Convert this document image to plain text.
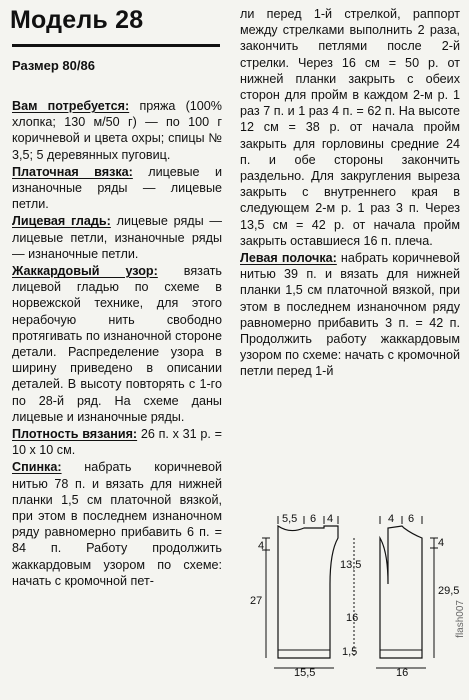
Модель 28
Размер 80/86

Вам потребуется: пряжа (100% хлопка; 130 м/50 г) — по 100 г коричневой и цвета охры; спицы № 3,5; 5 деревянных пуговиц.

Платочная вязка: лицевые и изнаночные ряды — лицевые петли.

Лицевая гладь: лицевые ряды — лицевые петли, изнаночные ряды — изнаночные петли.

Жаккардовый узор: вязать лицевой гладью по схеме в норвежской технике, для этого нерабочую нить свободно протягивать по изнаночной стороне детали. Распределение узора в ширину приведено в описании деталей. В высоту повторять с 1-го по 28-й ряд. На схеме даны лицевые и изнаночные ряды.

Плотность вязания: 26 п. x 31 р. = 10 x 10 см.

Спинка: набрать коричневой нитью 78 п. и вязать для нижней планки 1,5 см платочной вязкой, при этом в последнем изнаночном ряду равномерно прибавить 6 п. = 84 п. Работу продолжить жаккардовым узором по схеме: начать с кромочной пет-

ли перед 1-й стрелкой, раппорт между стрелками выполнить 2 раза, закончить петлями после 2-й стрелки. Через 16 см = 50 р. от нижней планки закрыть с обеих сторон для пройм в каждом 2-м р. 1 раз 7 п. и 1 раз 4 п. = 62 п. На высоте 12 см = 38 р. от начала пройм закрыть для горловины средние 24 п. и обе стороны закончить раздельно. Для закругления выреза закрыть с внутреннего края в следующем 2-м р. 1 раз 3 п. Через 13,5 см = 42 р. от начала пройм закрыть оставшиеся 16 п. плеча.

Левая полочка: набрать коричневой нитью 39 п. и вязать для нижней планки 1,5 см платочной вязкой, при этом в последнем изнаночном ряду равномерно прибавить 3 п. = 42 п. Продолжить работу жаккардовым узором по схеме: начать с кромочной петли перед 1-й

5,5 6 4	4 6
4
27
13,5
16
4
29,5
1,5
15,5	16
flash007
